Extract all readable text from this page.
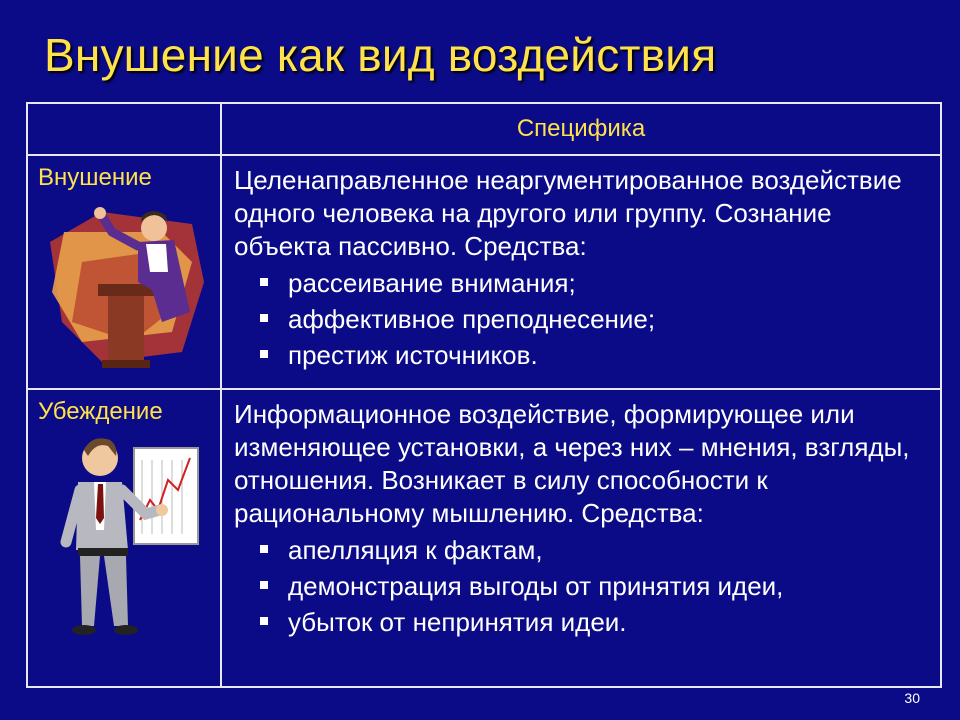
Внушение как вид воздействия
Специфика
Внушение	Целенаправленное неаргументированное воздействие одного человека на другого или группу. Сознание объекта пассивно. Средства:

рассеивание внимания;
аффективное преподнесение;
престиж источников.
Убеждение	Информационное воздействие, формирующее или изменяющее установки, а через них – мнения, взгляды, отношения. Возникает в силу способности к рациональному мышлению. Средства:

апелляция к фактам,
демонстрация выгоды от принятия идеи,
убыток от непринятия идеи.
30
